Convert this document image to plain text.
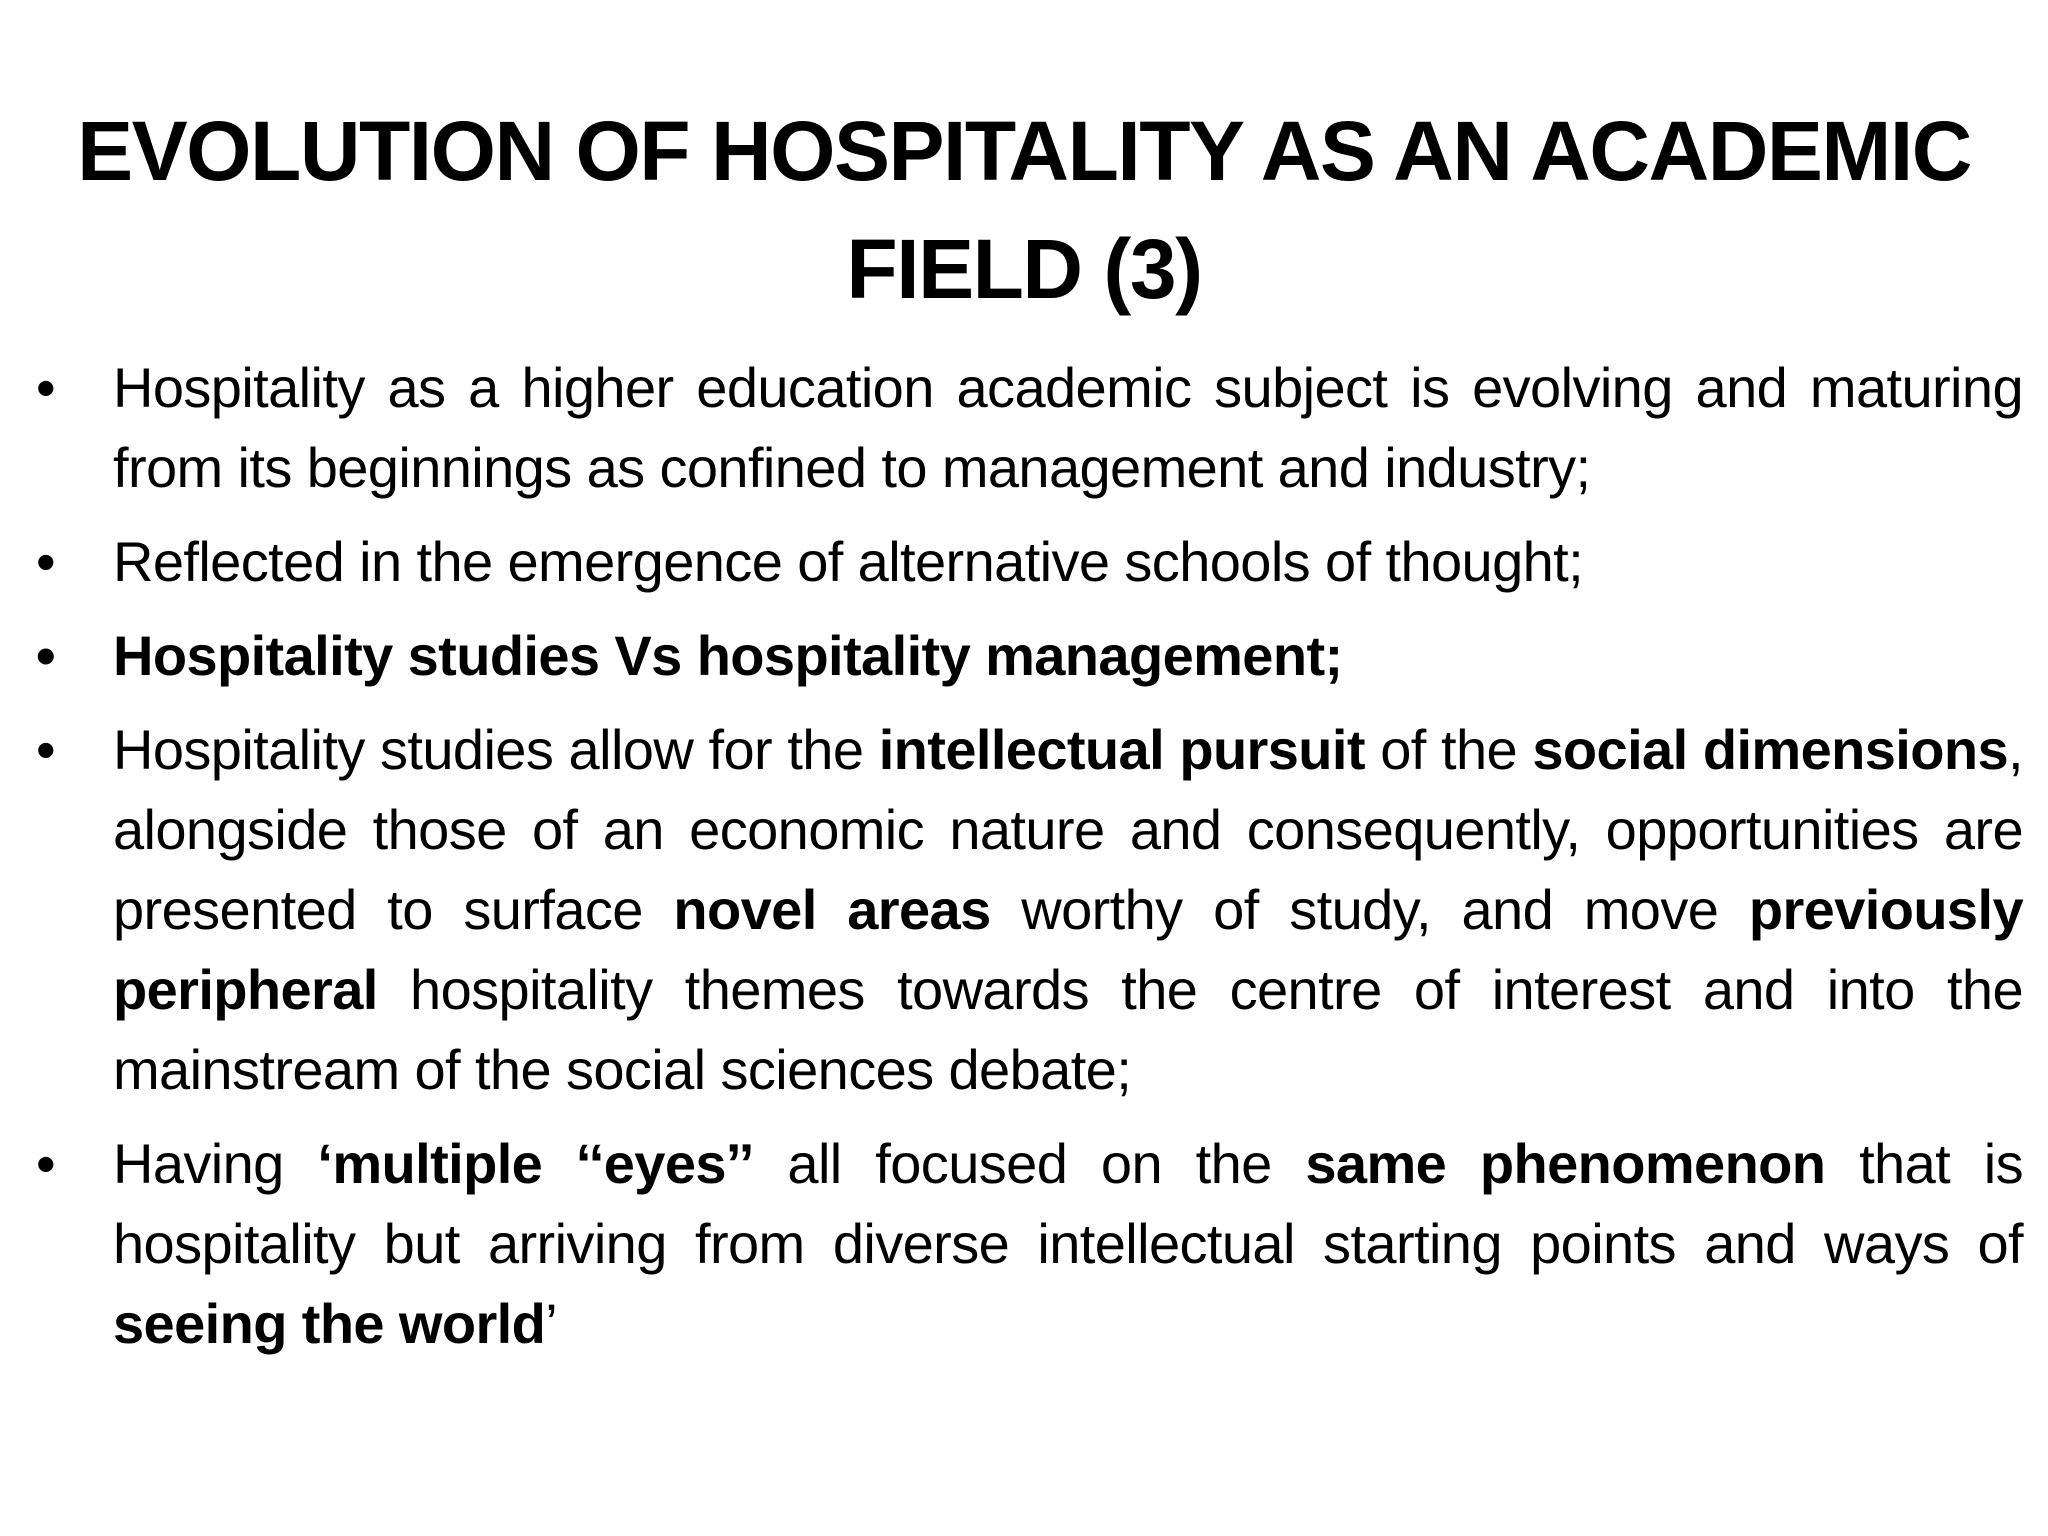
EVOLUTION OF HOSPITALITY AS AN ACADEMIC
FIELD (3)
• Hospitality as a higher education academic subject is evolving and maturing from its beginnings as confined to management and industry;
• Reflected in the emergence of alternative schools of thought;
• Hospitality studies Vs hospitality management;
• Hospitality studies allow for the intellectual pursuit of the social dimensions, alongside those of an economic nature and consequently, opportunities are presented to surface novel areas worthy of study, and move previously peripheral hospitality themes towards the centre of interest and into the mainstream of the social sciences debate;
• Having ‘multiple ‘‘eyes’’ all focused on the same phenomenon that is hospitality but arriving from diverse intellectual starting points and ways of seeing the world’
